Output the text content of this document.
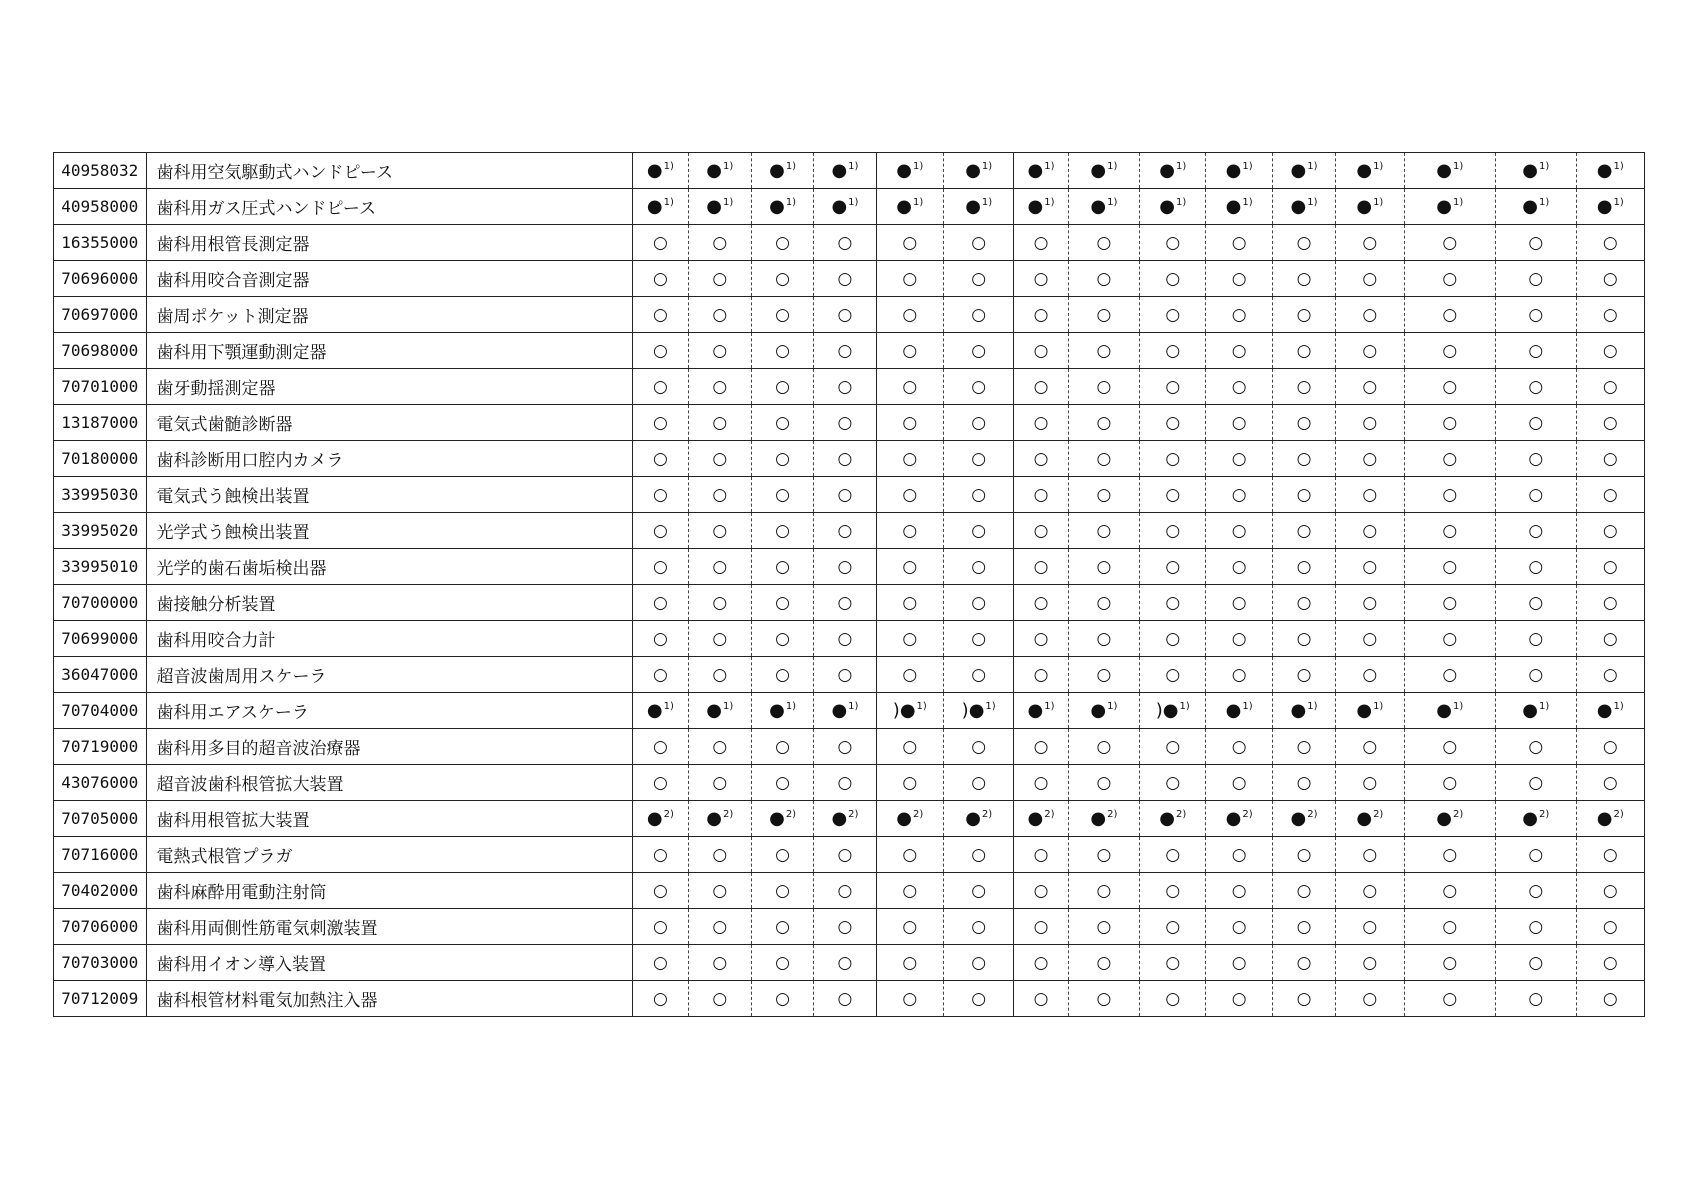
40958032	歯科用空気駆動式ハンドピース	●$^{1)}$	●$^{1)}$	●$^{1)}$	●$^{1)}$	●$^{1)}$	●$^{1)}$	●$^{1)}$	●$^{1)}$	●$^{1)}$	●$^{1)}$	●$^{1)}$	●$^{1)}$	●$^{1)}$	●$^{1)}$	●$^{1)}$
40958000	歯科用ガス圧式ハンドピース	●$^{1)}$	●$^{1)}$	●$^{1)}$	●$^{1)}$	●$^{1)}$	●$^{1)}$	●$^{1)}$	●$^{1)}$	●$^{1)}$	●$^{1)}$	●$^{1)}$	●$^{1)}$	●$^{1)}$	●$^{1)}$	●$^{1)}$
16355000	歯科用根管長測定器	○	○	○	○	○	○	○	○	○	○	○	○	○	○	○
70696000	歯科用咬合音測定器	○	○	○	○	○	○	○	○	○	○	○	○	○	○	○
70697000	歯周ポケット測定器	○	○	○	○	○	○	○	○	○	○	○	○	○	○	○
70698000	歯科用下顎運動測定器	○	○	○	○	○	○	○	○	○	○	○	○	○	○	○
70701000	歯牙動揺測定器	○	○	○	○	○	○	○	○	○	○	○	○	○	○	○
13187000	電気式歯髄診断器	○	○	○	○	○	○	○	○	○	○	○	○	○	○	○
70180000	歯科診断用口腔内カメラ	○	○	○	○	○	○	○	○	○	○	○	○	○	○	○
33995030	電気式う蝕検出装置	○	○	○	○	○	○	○	○	○	○	○	○	○	○	○
33995020	光学式う蝕検出装置	○	○	○	○	○	○	○	○	○	○	○	○	○	○	○
33995010	光学的歯石歯垢検出器	○	○	○	○	○	○	○	○	○	○	○	○	○	○	○
70700000	歯接触分析装置	○	○	○	○	○	○	○	○	○	○	○	○	○	○	○
70699000	歯科用咬合力計	○	○	○	○	○	○	○	○	○	○	○	○	○	○	○
36047000	超音波歯周用スケーラ	○	○	○	○	○	○	○	○	○	○	○	○	○	○	○
70704000	歯科用エアスケーラ	●$^{1)}$	●$^{1)}$	●$^{1)}$	●$^{1)}$	)●$^{1)}$	)●$^{1)}$	●$^{1)}$	●$^{1)}$	)●$^{1)}$	●$^{1)}$	●$^{1)}$	●$^{1)}$	●$^{1)}$	●$^{1)}$	●$^{1)}$
70719000	歯科用多目的超音波治療器	○	○	○	○	○	○	○	○	○	○	○	○	○	○	○
43076000	超音波歯科根管拡大装置	○	○	○	○	○	○	○	○	○	○	○	○	○	○	○
70705000	歯科用根管拡大装置	●$^{2)}$	●$^{2)}$	●$^{2)}$	●$^{2)}$	●$^{2)}$	●$^{2)}$	●$^{2)}$	●$^{2)}$	●$^{2)}$	●$^{2)}$	●$^{2)}$	●$^{2)}$	●$^{2)}$	●$^{2)}$	●$^{2)}$
70716000	電熱式根管プラガ	○	○	○	○	○	○	○	○	○	○	○	○	○	○	○
70402000	歯科麻酔用電動注射筒	○	○	○	○	○	○	○	○	○	○	○	○	○	○	○
70706000	歯科用両側性筋電気刺激装置	○	○	○	○	○	○	○	○	○	○	○	○	○	○	○
70703000	歯科用イオン導入装置	○	○	○	○	○	○	○	○	○	○	○	○	○	○	○
70712009	歯科根管材料電気加熱注入器	○	○	○	○	○	○	○	○	○	○	○	○	○	○	○
